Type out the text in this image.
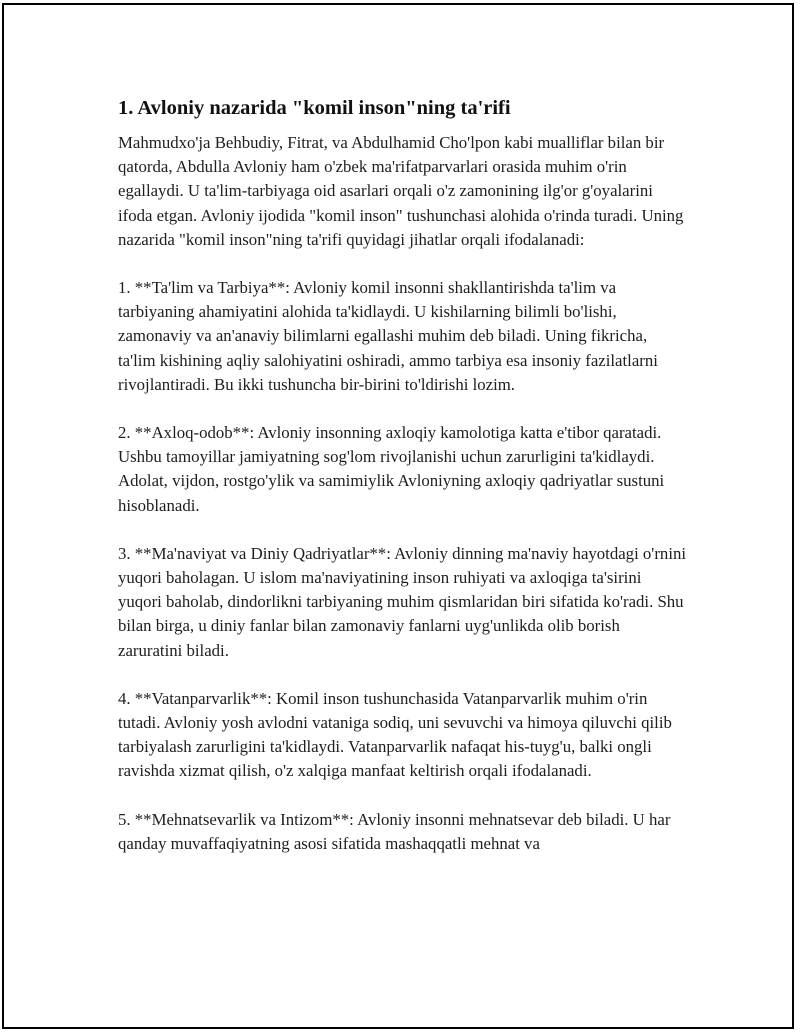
1. Avloniy nazarida "komil inson"ning ta'rifi

Mahmudxo'ja Behbudiy, Fitrat, va Abdulhamid Cho'lpon kabi mualliflar bilan bir qatorda, Abdulla Avloniy ham o'zbek ma'rifatparvarlari orasida muhim o'rin egallaydi. U ta'lim-tarbiyaga oid asarlari orqali o'z zamonining ilg'or g'oyalarini ifoda etgan. Avloniy ijodida "komil inson" tushunchasi alohida o'rinda turadi. Uning nazarida "komil inson"ning ta'rifi quyidagi jihatlar orqali ifodalanadi:

1. **Ta'lim va Tarbiya**: Avloniy komil insonni shakllantirishda ta'lim va tarbiyaning ahamiyatini alohida ta'kidlaydi. U kishilarning bilimli bo'lishi, zamonaviy va an'anaviy bilimlarni egallashi muhim deb biladi. Uning fikricha, ta'lim kishining aqliy salohiyatini oshiradi, ammo tarbiya esa insoniy fazilatlarni rivojlantiradi. Bu ikki tushuncha bir-birini to'ldirishi lozim.

2. **Axloq-odob**: Avloniy insonning axloqiy kamolotiga katta e'tibor qaratadi. Ushbu tamoyillar jamiyatning sog'lom rivojlanishi uchun zarurligini ta'kidlaydi. Adolat, vijdon, rostgo'ylik va samimiylik Avloniyning axloqiy qadriyatlar sustuni hisoblanadi.

3. **Ma'naviyat va Diniy Qadriyatlar**: Avloniy dinning ma'naviy hayotdagi o'rnini yuqori baholagan. U islom ma'naviyatining inson ruhiyati va axloqiga ta'sirini yuqori baholab, dindorlikni tarbiyaning muhim qismlaridan biri sifatida ko'radi. Shu bilan birga, u diniy fanlar bilan zamonaviy fanlarni uyg'unlikda olib borish zaruratini biladi.

4. **Vatanparvarlik**: Komil inson tushunchasida Vatanparvarlik muhim o'rin tutadi. Avloniy yosh avlodni vataniga sodiq, uni sevuvchi va himoya qiluvchi qilib tarbiyalash zarurligini ta'kidlaydi. Vatanparvarlik nafaqat his-tuyg'u, balki ongli ravishda xizmat qilish, o'z xalqiga manfaat keltirish orqali ifodalanadi.

5. **Mehnatsevarlik va Intizom**: Avloniy insonni mehnatsevar deb biladi. U har qanday muvaffaqiyatning asosi sifatida mashaqqatli mehnat va
